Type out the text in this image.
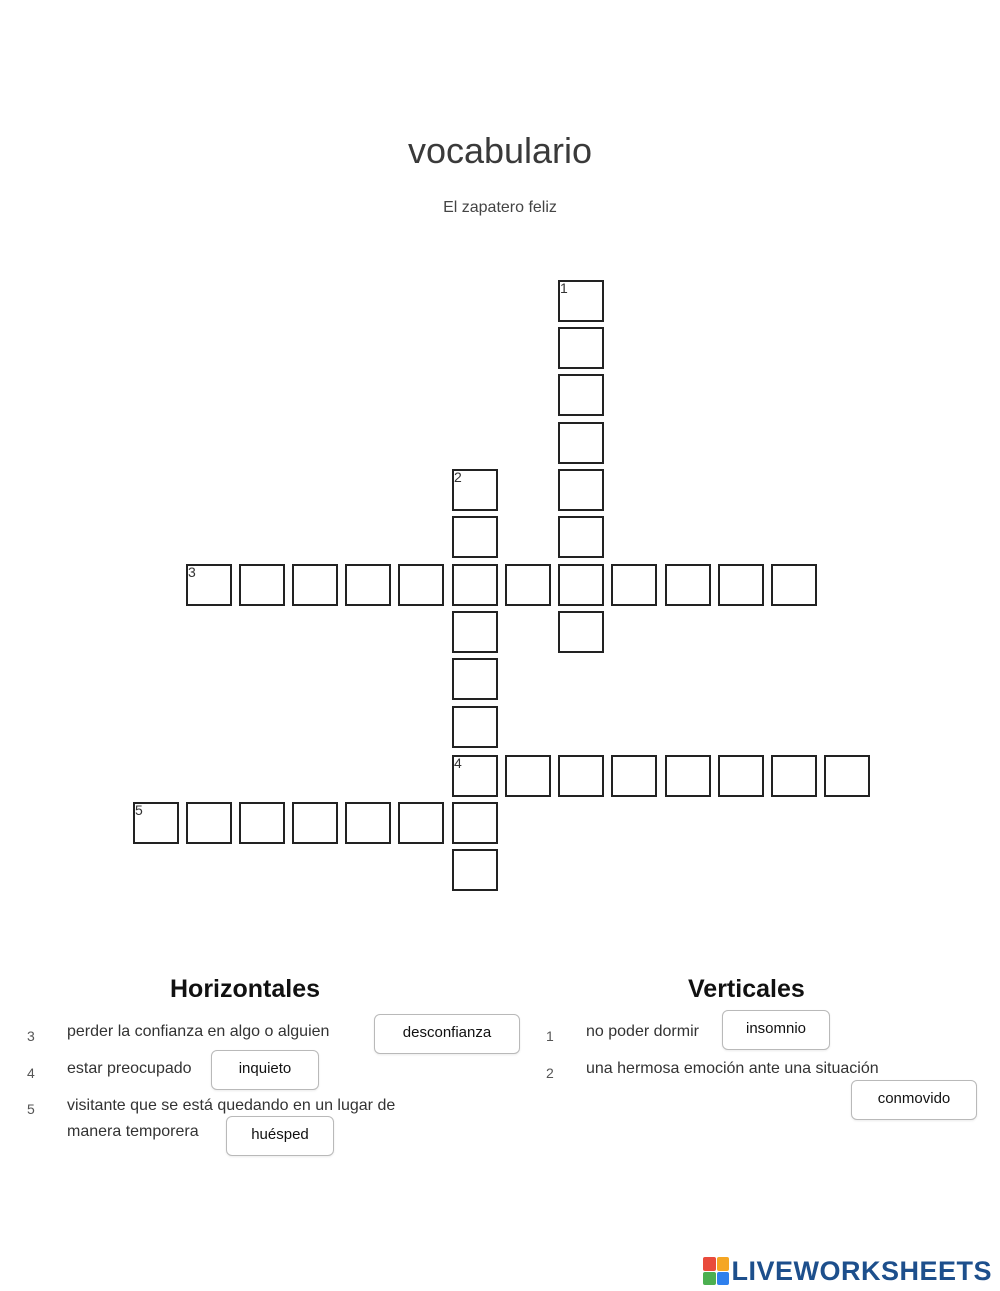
vocabulario
El zapatero feliz
1
2
4
3
5
Horizontales
3 perder la confianza en algo o alguien	desconfianza
4 estar preocupado	inquieto
5 visitante que se está quedando en un lugar de
manera temporera	huésped
Verticales
1 no poder dormir	insomnio
2 una hermosa emoción ante una situación
conmovido
LIVEWORKSHEETS
